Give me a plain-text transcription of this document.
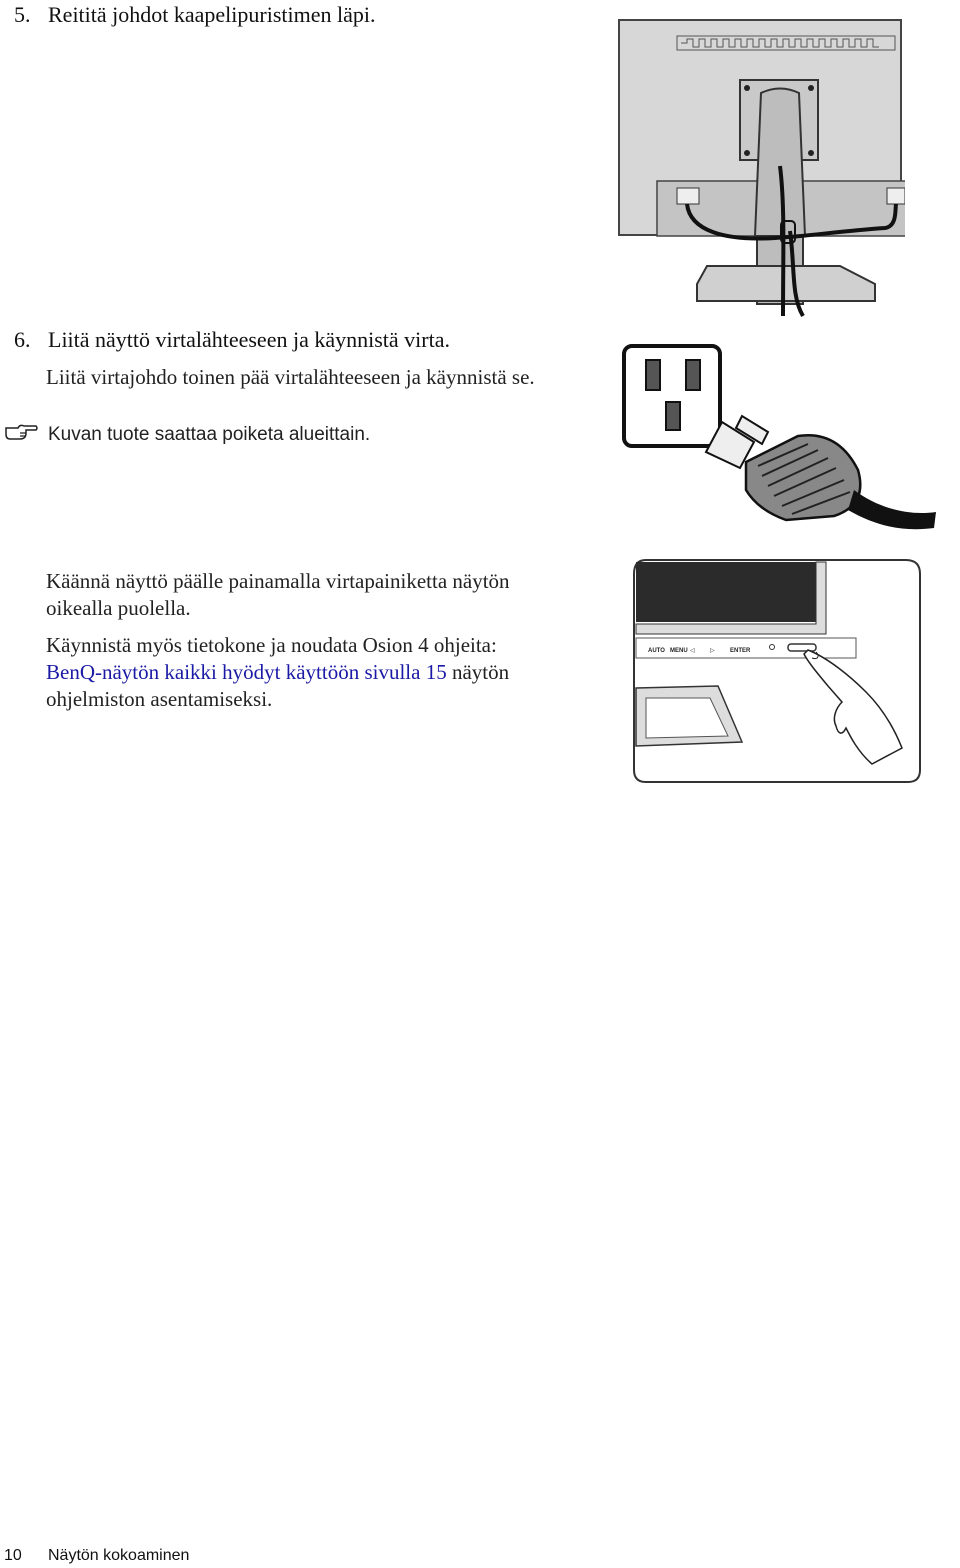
5. Reititä johdot kaapelipuristimen läpi.
6. Liitä näyttö virtalähteeseen ja käynnistä virta.
Liitä virtajohdo toinen pää virtalähteeseen ja käynnistä se.
Kuvan tuote saattaa poiketa alueittain.
Käännä näyttö päälle painamalla virtapainiketta näytön
oikealla puolella.
Käynnistä myös tietokone ja noudata Osion 4 ohjeita:
BenQ-näytön kaikki hyödyt käyttöön sivulla 15 näytön
ohjelmiston asentamiseksi.
AUTO MENU ◁	▷	ENTER
10 Näytön kokoaminen
